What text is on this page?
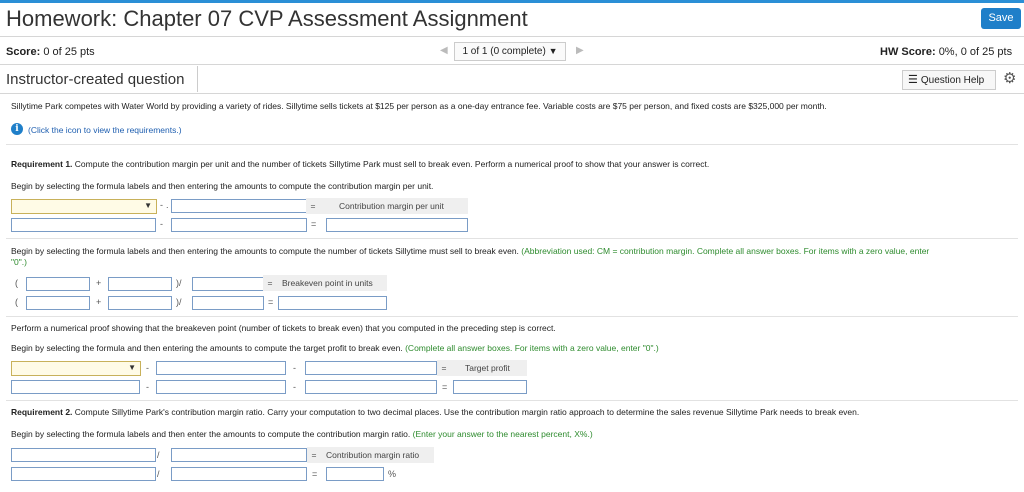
Homework: Chapter 07 CVP Assessment Assignment	Save
Score: 0 of 25 pts	◀	1 of 1 (0 complete) ▼	▶	HW Score: 0%, 0 of 25 pts
Instructor-created question	☰ Question Help	⚙
Sillytime Park competes with Water World by providing a variety of rides. Sillytime sells tickets at $125 per person as a one-day entrance fee. Variable costs are $75 per person, and fixed costs are $325,000 per month.
i	(Click the icon to view the requirements.)
Requirement 1. Compute the contribution margin per unit and the number of tickets Sillytime Park must sell to break even. Perform a numerical proof to show that your answer is correct.
Begin by selecting the formula labels and then entering the amounts to compute the contribution margin per unit.
▼ - .	=	Contribution margin per unit
-	=
Begin by selecting the formula labels and then entering the amounts to compute the number of tickets Sillytime must sell to break even. (Abbreviation used: CM = contribution margin. Complete all answer boxes. For items with a zero value, enter
"0".)
(	+	)/	= Breakeven point in units
(	+	)/	=
Perform a numerical proof showing that the breakeven point (number of tickets to break even) that you computed in the preceding step is correct.
Begin by selecting the formula and then entering the amounts to compute the target profit to break even. (Complete all answer boxes. For items with a zero value, enter "0".)
▼ -	-	= Target profit
-	-	=
Requirement 2. Compute Sillytime Park's contribution margin ratio. Carry your computation to two decimal places. Use the contribution margin ratio approach to determine the sales revenue Sillytime Park needs to break even.
Begin by selecting the formula labels and then enter the amounts to compute the contribution margin ratio. (Enter your answer to the nearest percent, X%.)
/	= Contribution margin ratio
/	=	%
